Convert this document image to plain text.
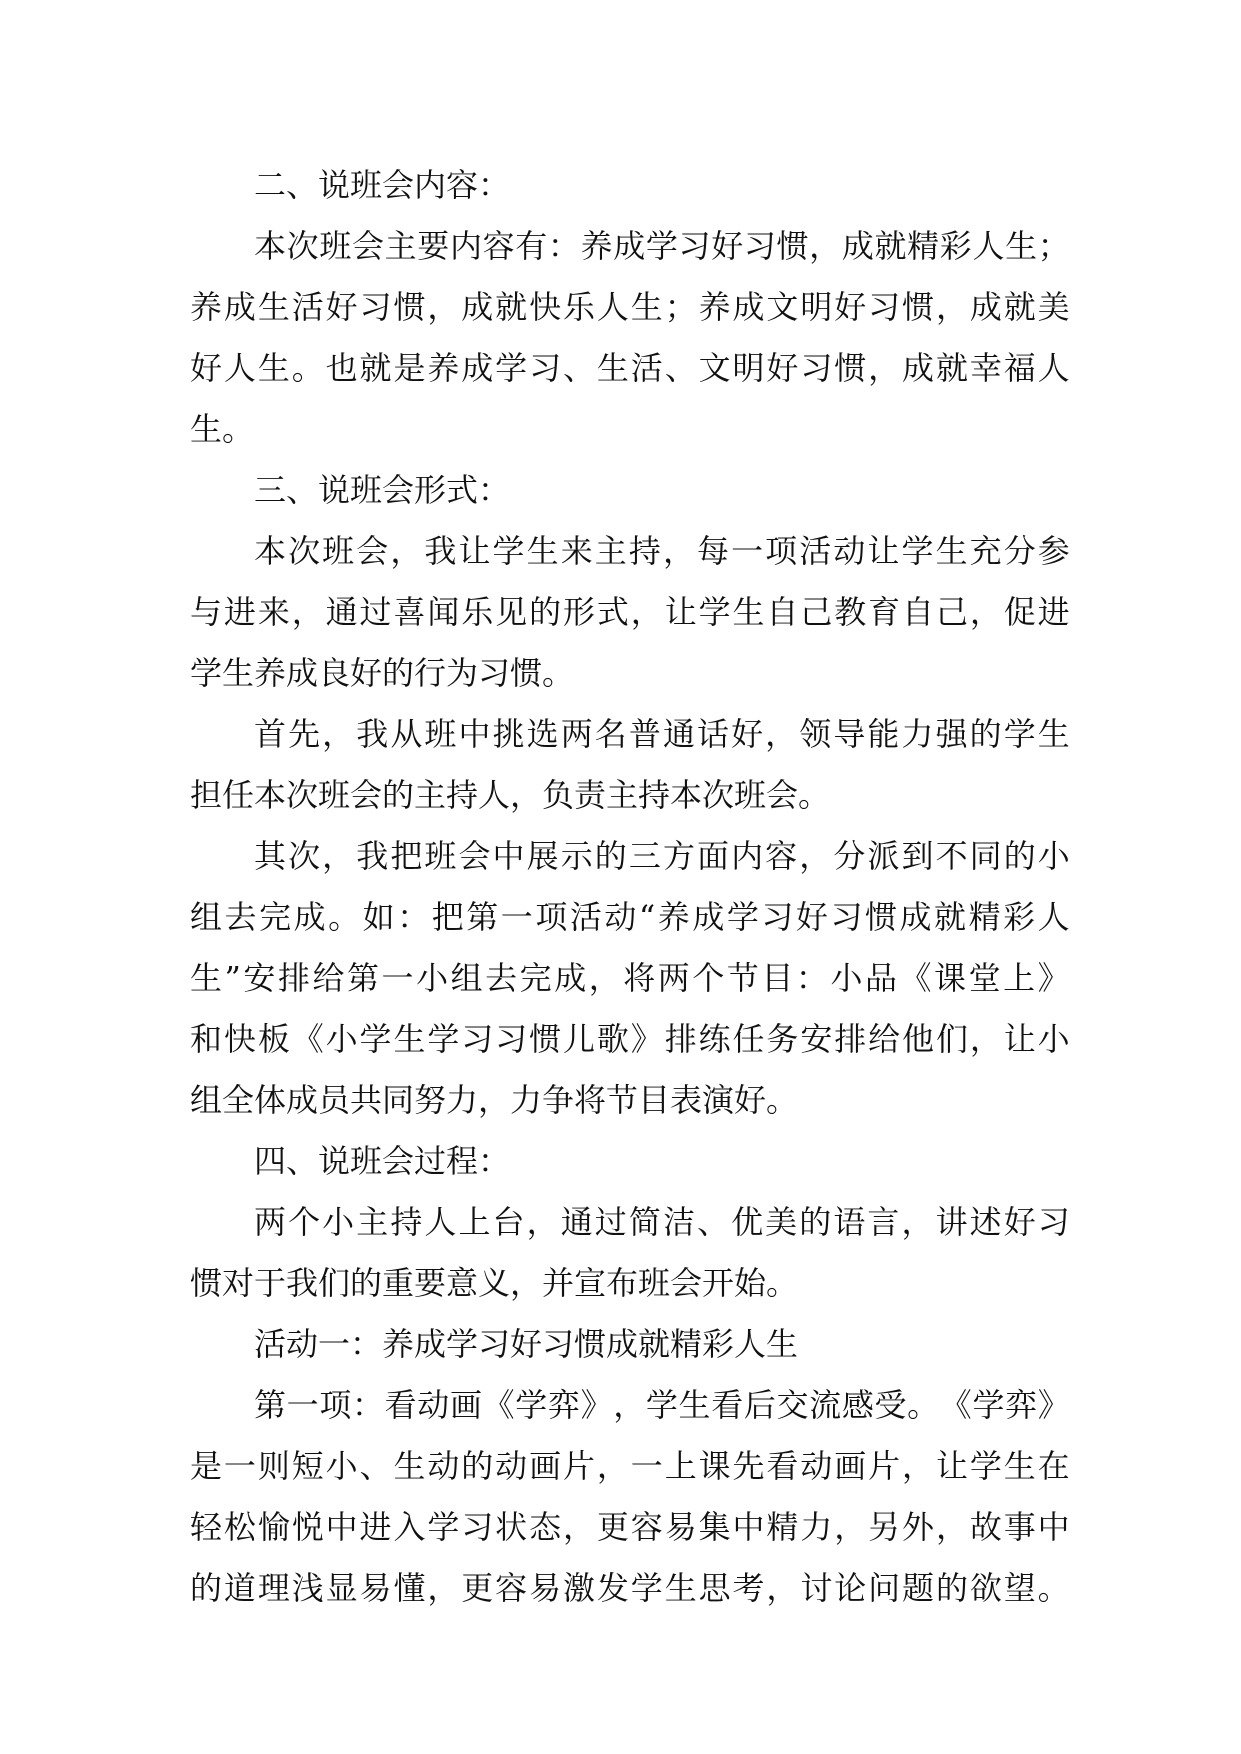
二、说班会内容：
本 次 班 会 主 要 内 容 有 ： 养 成 学 习 好 习 惯 ， 成 就 精 彩 人 生 ；
养 成 生 活 好 习 惯 ， 成 就 快 乐 人 生 ； 养 成 文 明 好 习 惯 ， 成 就 美
好 人 生 。 也 就 是 养 成 学 习 、 生 活 、 文 明 好 习 惯 ， 成 就 幸 福 人
生。
三、说班会形式：
本 次 班 会 ， 我 让 学 生 来 主 持 ， 每 一 项 活 动 让 学 生 充 分 参
与 进 来 ， 通 过 喜 闻 乐 见 的 形 式 ， 让 学 生 自 己 教 育 自 己 ， 促 进
学生养成良好的行为习惯。
首 先 ， 我 从 班 中 挑 选 两 名 普 通 话 好 ， 领 导 能 力 强 的 学 生
担任本次班会的主持人，负责主持本次班会。
其 次 ， 我 把 班 会 中 展 示 的 三 方 面 内 容 ， 分 派 到 不 同 的 小
组 去 完 成 。 如 ： 把 第 一 项 活 动 “ 养 成 学 习 好 习 惯 成 就 精 彩 人
生 ” 安 排 给 第 一 小 组 去 完 成 ， 将 两 个 节 目 ： 小 品 《 课 堂 上 》
和 快 板 《 小 学 生 学 习 习 惯 儿 歌 》 排 练 任 务 安 排 给 他 们 ， 让 小
组全体成员共同努力，力争将节目表演好。
四、说班会过程：
两 个 小 主 持 人 上 台 ， 通 过 简 洁 、 优 美 的 语 言 ， 讲 述 好 习
惯对于我们的重要意义，并宣布班会开始。
活动一：养成学习好习惯成就精彩人生
第 一 项 ： 看 动 画 《 学 弈 》 ， 学 生 看 后 交 流 感 受 。 《 学 弈 》
是 一 则 短 小 、 生 动 的 动 画 片 ， 一 上 课 先 看 动 画 片 ， 让 学 生 在
轻 松 愉 悦 中 进 入 学 习 状 态 ， 更 容 易 集 中 精 力 ， 另 外 ， 故 事 中
的 道 理 浅 显 易 懂 ， 更 容 易 激 发 学 生 思 考 ， 讨 论 问 题 的 欲 望 。
